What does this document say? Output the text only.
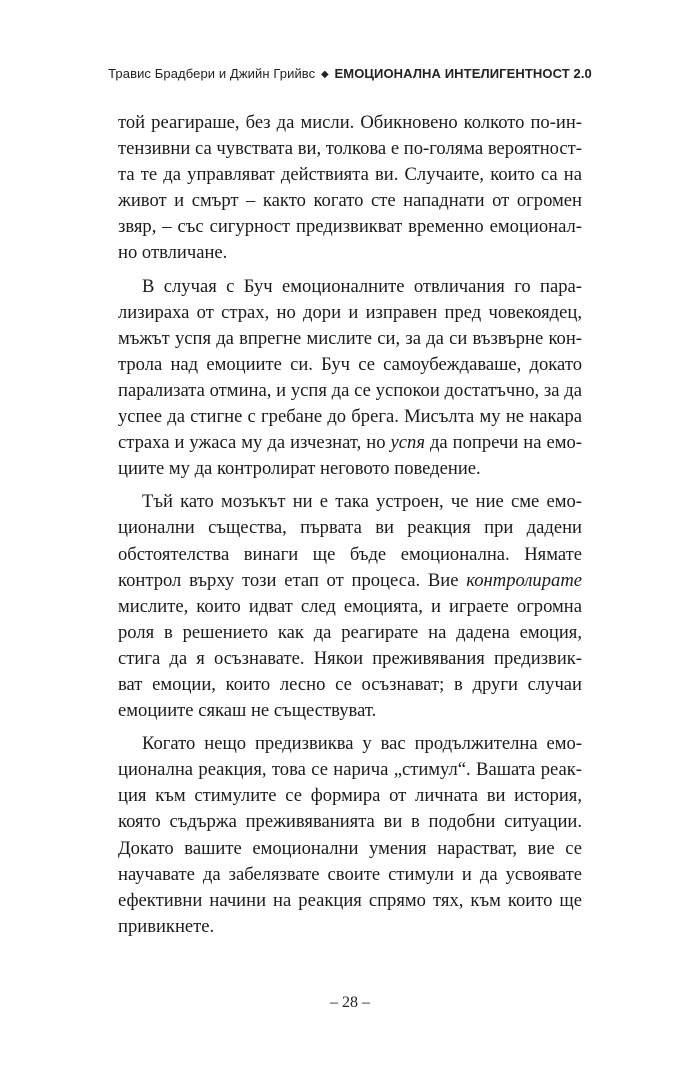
Травис Брадбери и Джийн Грийвс ◆ ЕМОЦИОНАЛНА ИНТЕЛИГЕНТНОСТ 2.0
той реагираше, без да мисли. Обикновено колкото по-ин-
тензивни са чувствата ви, толкова е по-голяма вероятност-
та те да управляват действията ви. Случаите, които са на
живот и смърт – както когато сте нападнати от огромен
звяр, – със сигурност предизвикват временно емоционал-
но отвличане.
В случая с Буч емоционалните отвличания го пара-
лизираха от страх, но дори и изправен пред човекоядец,
мъжът успя да впрегне мислите си, за да си възвърне кон-
трола над емоциите си. Буч се самоубеждаваше, докато
парализата отмина, и успя да се успокои достатъчно, за да
успее да стигне с гребане до брега. Мисълта му не накара
страха и ужаса му да изчезнат, но успя да попречи на емо-
циите му да контролират неговото поведение.
Тъй като мозъкът ни е така устроен, че ние сме емо-
ционални същества, първата ви реакция при дадени
обстоятелства винаги ще бъде емоционална. Нямате
контрол върху този етап от процеса. Вие контролирате
мислите, които идват след емоцията, и играете огромна
роля в решението как да реагирате на дадена емоция,
стига да я осъзнавате. Някои преживявания предизвик-
ват емоции, които лесно се осъзнават; в други случаи
емоциите сякаш не съществуват.
Когато нещо предизвиква у вас продължителна емо-
ционална реакция, това се нарича „стимул“. Вашата реак-
ция към стимулите се формира от личната ви история,
която съдържа преживяванията ви в подобни ситуации.
Докато вашите емоционални умения нарастват, вие се
научавате да забелязвате своите стимули и да усвоявате
ефективни начини на реакция спрямо тях, към които ще
привикнете.
– 28 –
